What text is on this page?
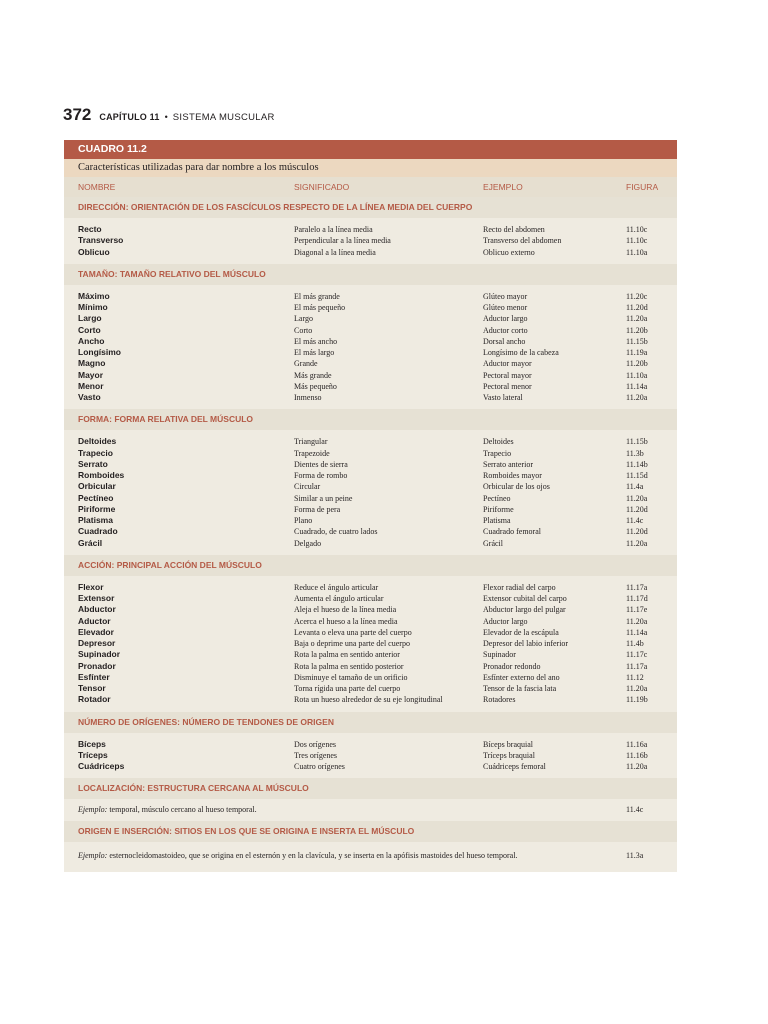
372 CAPÍTULO 11 • SISTEMA MUSCULAR
CUADRO 11.2
Características utilizadas para dar nombre a los músculos
NOMBRE	SIGNIFICADO	EJEMPLO	FIGURA
DIRECCIÓN: ORIENTACIÓN DE LOS FASCÍCULOS RESPECTO DE LA LÍNEA MEDIA DEL CUERPO
Recto	Paralelo a la línea media	Recto del abdomen	11.10c
Transverso	Perpendicular a la línea media	Transverso del abdomen	11.10c
Oblicuo	Diagonal a la línea media	Oblicuo externo	11.10a
TAMAÑO: TAMAÑO RELATIVO DEL MÚSCULO
Máximo	El más grande	Glúteo mayor	11.20c
Mínimo	El más pequeño	Glúteo menor	11.20d
Largo	Largo	Aductor largo	11.20a
Corto	Corto	Aductor corto	11.20b
Ancho	El más ancho	Dorsal ancho	11.15b
Longísimo	El más largo	Longísimo de la cabeza	11.19a
Magno	Grande	Aductor mayor	11.20b
Mayor	Más grande	Pectoral mayor	11.10a
Menor	Más pequeño	Pectoral menor	11.14a
Vasto	Inmenso	Vasto lateral	11.20a
FORMA: FORMA RELATIVA DEL MÚSCULO
Deltoides	Triangular	Deltoides	11.15b
Trapecio	Trapezoide	Trapecio	11.3b
Serrato	Dientes de sierra	Serrato anterior	11.14b
Romboides	Forma de rombo	Romboides mayor	11.15d
Orbicular	Circular	Orbicular de los ojos	11.4a
Pectíneo	Similar a un peine	Pectíneo	11.20a
Piriforme	Forma de pera	Piriforme	11.20d
Platisma	Plano	Platisma	11.4c
Cuadrado	Cuadrado, de cuatro lados	Cuadrado femoral	11.20d
Grácil	Delgado	Grácil	11.20a
ACCIÓN: PRINCIPAL ACCIÓN DEL MÚSCULO
Flexor	Reduce el ángulo articular	Flexor radial del carpo	11.17a
Extensor	Aumenta el ángulo articular	Extensor cubital del carpo	11.17d
Abductor	Aleja el hueso de la línea media	Abductor largo del pulgar	11.17e
Aductor	Acerca el hueso a la línea media	Aductor largo	11.20a
Elevador	Levanta o eleva una parte del cuerpo	Elevador de la escápula	11.14a
Depresor	Baja o deprime una parte del cuerpo	Depresor del labio inferior	11.4b
Supinador	Rota la palma en sentido anterior	Supinador	11.17c
Pronador	Rota la palma en sentido posterior	Pronador redondo	11.17a
Esfínter	Disminuye el tamaño de un orificio	Esfínter externo del ano	11.12
Tensor	Torna rígida una parte del cuerpo	Tensor de la fascia lata	11.20a
Rotador	Rota un hueso alrededor de su eje longitudinal	Rotadores	11.19b
NÚMERO DE ORÍGENES: NÚMERO DE TENDONES DE ORIGEN
Bíceps	Dos orígenes	Bíceps braquial	11.16a
Tríceps	Tres orígenes	Tríceps braquial	11.16b
Cuádriceps	Cuatro orígenes	Cuádriceps femoral	11.20a
LOCALIZACIÓN: ESTRUCTURA CERCANA AL MÚSCULO
Ejemplo: temporal, músculo cercano al hueso temporal.	11.4c
ORIGEN E INSERCIÓN: SITIOS EN LOS QUE SE ORIGINA E INSERTA EL MÚSCULO
Ejemplo: esternocleidomastoideo, que se origina en el esternón y en la clavícula, y se inserta en la apófisis mastoides del hueso temporal.	11.3a
